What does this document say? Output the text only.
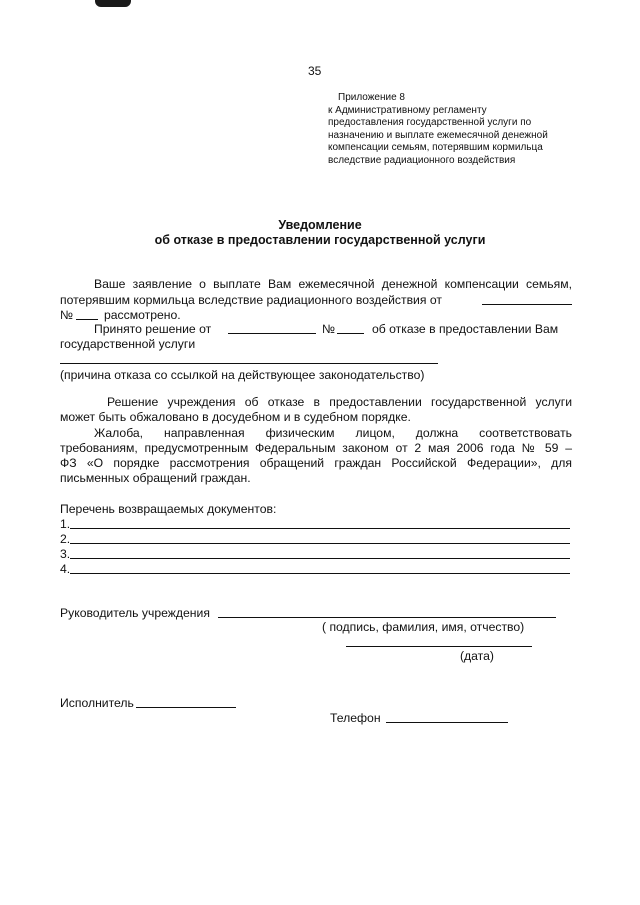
35
Приложение 8
к Административному регламенту
предоставления государственной услуги по
назначению и выплате ежемесячной денежной
компенсации семьям, потерявшим кормильца
вследствие радиационного воздействия
Уведомление
об отказе в предоставлении государственной услуги
Ваше заявление о выплате Вам ежемесячной денежной компенсации семьям,
потерявшим кормильца вследствие радиационного воздействия от
№	рассмотрено.
Принято решение от	№	об отказе в предоставлении Вам
государственной услуги
(причина отказа со ссылкой на действующее законодательство)
Решение учреждения об отказе в предоставлении государственной услуги
может быть обжаловано в досудебном и в судебном порядке.
Жалоба, направленная физическим лицом, должна соответствовать
требованиям, предусмотренным Федеральным законом от 2 мая 2006 года № 59 –
ФЗ «О порядке рассмотрения обращений граждан Российской Федерации», для
письменных обращений граждан.
Перечень возвращаемых документов:
1.
2.
3.
4.
Руководитель учреждения
( подпись, фамилия, имя, отчество)
(дата)
Исполнитель
Телефон
